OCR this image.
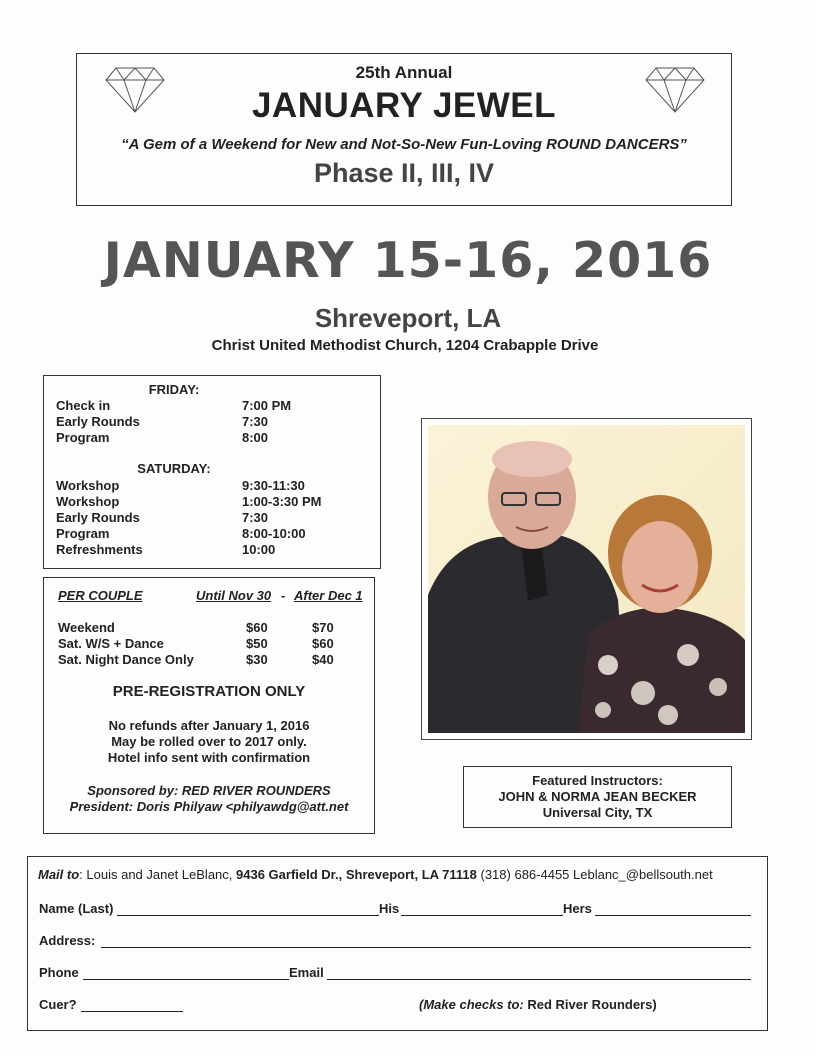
25th Annual
JANUARY JEWEL
“A Gem of a Weekend for New and Not-So-New Fun-Loving ROUND DANCERS”
Phase II, III, IV
JANUARY 15-16, 2016
Shreveport, LA
Christ United Methodist Church, 1204 Crabapple Drive
FRIDAY:
Check in	7:00 PM
Early Rounds	7:30
Program	8:00
SATURDAY:
Workshop	9:30-11:30
Workshop	1:00-3:30 PM
Early Rounds	7:30
Program	8:00-10:00
Refreshments	10:00
PER COUPLE	Until Nov 30 - After Dec 1
Weekend	$60	$70
Sat. W/S + Dance	$50	$60
Sat. Night Dance Only	$30	$40
PRE-REGISTRATION ONLY
No refunds after January 1, 2016
May be rolled over to 2017 only.
Hotel info sent with confirmation
Sponsored by: RED RIVER ROUNDERS
President: Doris Philyaw <philyawdg@att.net
Featured Instructors:
JOHN & NORMA JEAN BECKER
Universal City, TX
Mail to: Louis and Janet LeBlanc, 9436 Garfield Dr., Shreveport, LA 71118 (318) 686-4455 Leblanc_@bellsouth.net
Name (Last)	His	Hers
Address:
Phone	Email
Cuer?	(Make checks to: Red River Rounders)
